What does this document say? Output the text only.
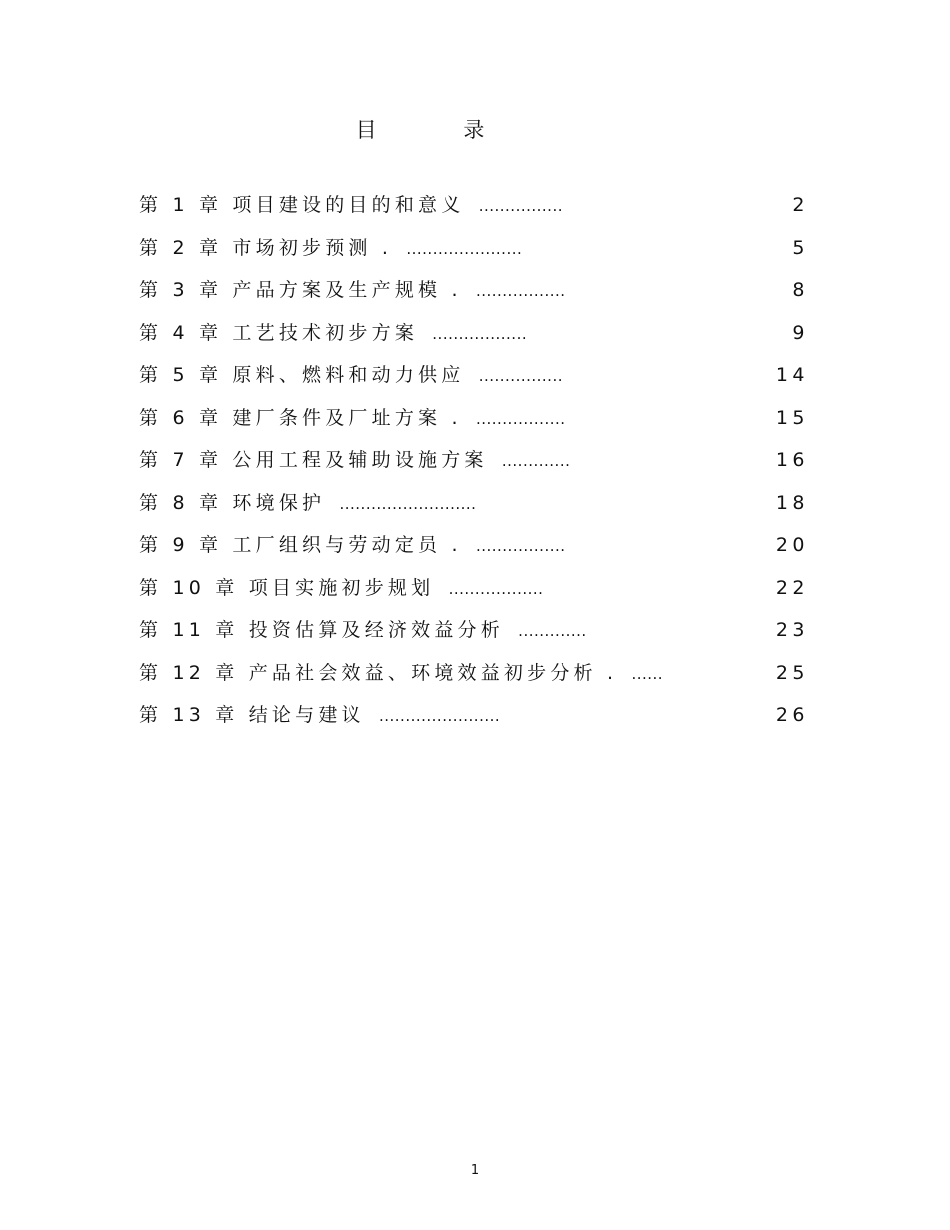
目 录
第 1 章 项目建设的目的和意义 ................	2
第 2 章 市场初步预测 . ......................	5
第 3 章 产品方案及生产规模 . .................	8
第 4 章 工艺技术初步方案 ..................	9
第 5 章 原料、燃料和动力供应 ................	14
第 6 章 建厂条件及厂址方案 . .................	15
第 7 章 公用工程及辅助设施方案 .............	16
第 8 章 环境保护 ..........................	18
第 9 章 工厂组织与劳动定员 . .................	20
第 10 章 项目实施初步规划 ..................	22
第 11 章 投资估算及经济效益分析 .............	23
第 12 章 产品社会效益、环境效益初步分析 . ......	25
第 13 章 结论与建议 .......................	26
1
